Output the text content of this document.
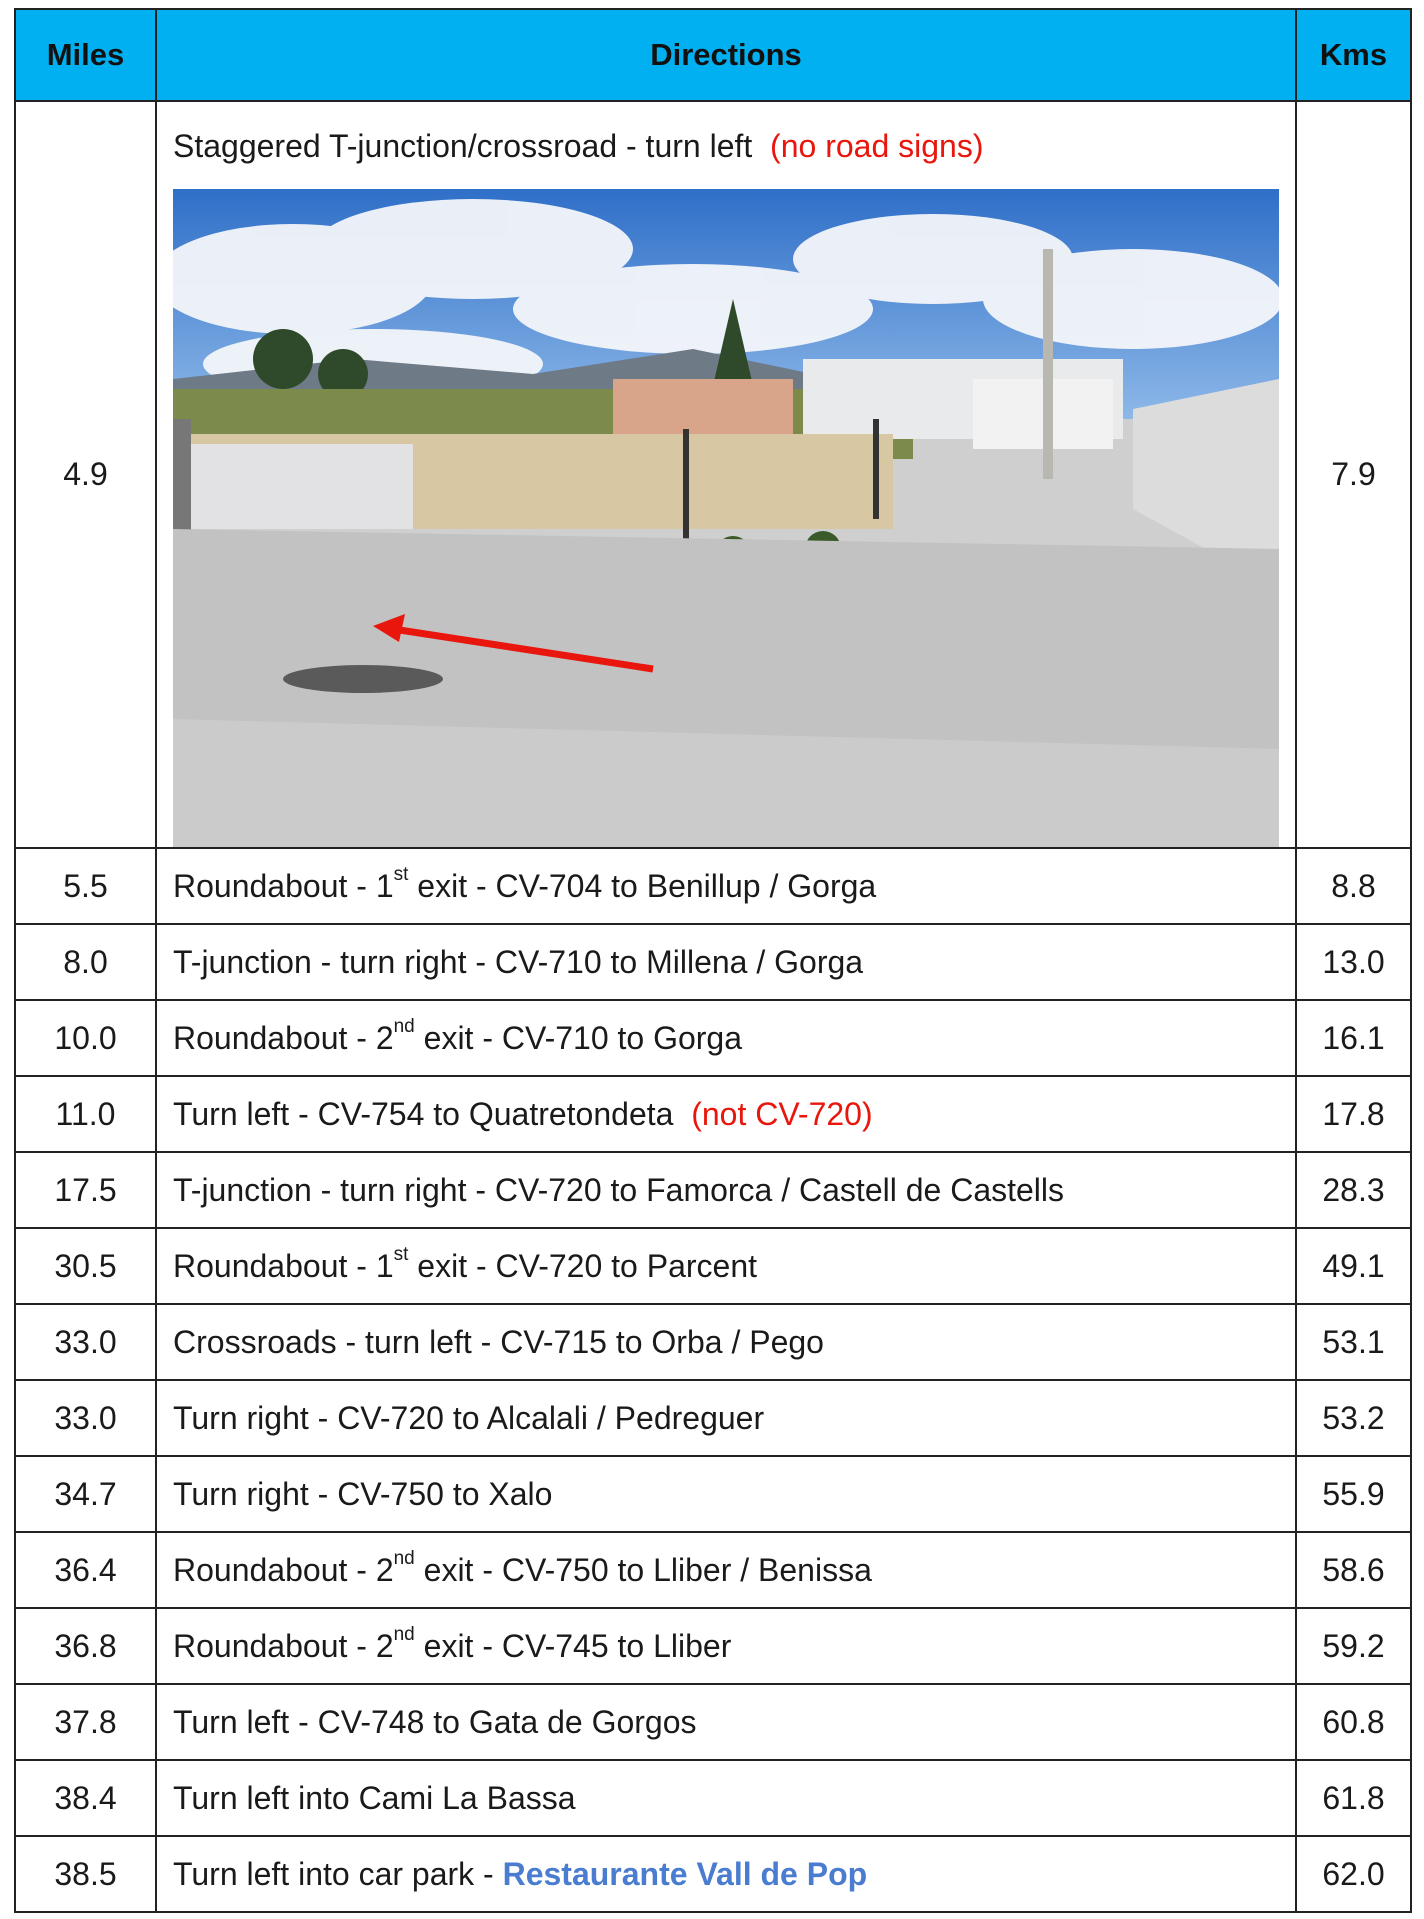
Miles	Directions	Kms
4.9	Staggered T-junction/crossroad - turn left (no road signs)	7.9
5.5	Roundabout - 1st exit - CV-704 to Benillup / Gorga	8.8
8.0	T-junction - turn right - CV-710 to Millena / Gorga	13.0
10.0	Roundabout - 2nd exit - CV-710 to Gorga	16.1
11.0	Turn left - CV-754 to Quatretondeta (not CV-720)	17.8
17.5	T-junction - turn right - CV-720 to Famorca / Castell de Castells	28.3
30.5	Roundabout - 1st exit - CV-720 to Parcent	49.1
33.0	Crossroads - turn left - CV-715 to Orba / Pego	53.1
33.0	Turn right - CV-720 to Alcalali / Pedreguer	53.2
34.7	Turn right - CV-750 to Xalo	55.9
36.4	Roundabout - 2nd exit - CV-750 to Lliber / Benissa	58.6
36.8	Roundabout - 2nd exit - CV-745 to Lliber	59.2
37.8	Turn left - CV-748 to Gata de Gorgos	60.8
38.4	Turn left into Cami La Bassa	61.8
38.5	Turn left into car park - Restaurante Vall de Pop	62.0
